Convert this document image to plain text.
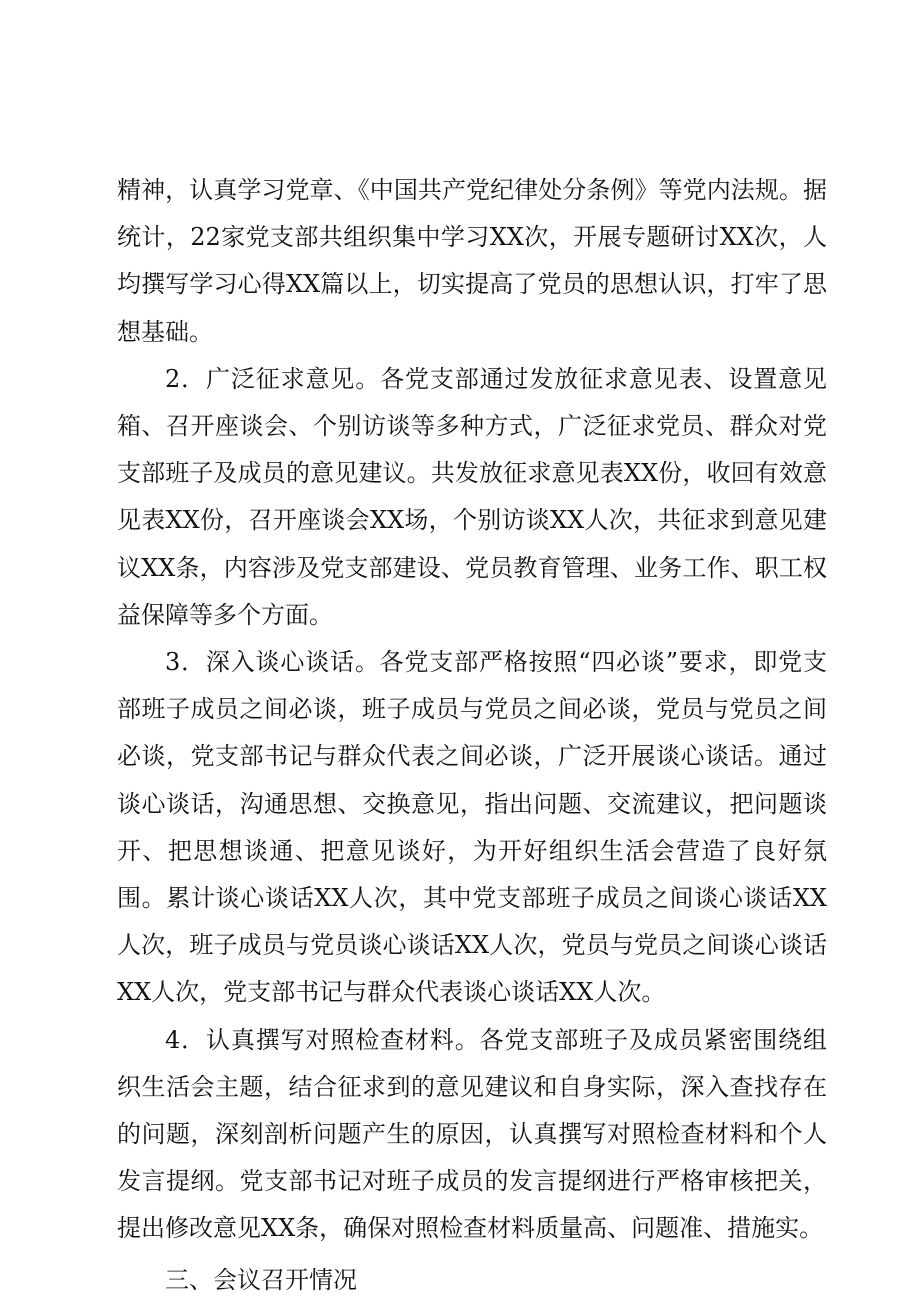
精神，认真学习党章、《中国共产党纪律处分条例》等党内法规。据统计，22家党支部共组织集中学习XX次，开展专题研讨XX次，人均撰写学习心得XX篇以上，切实提高了党员的思想认识，打牢了思想基础。

2．广泛征求意见。各党支部通过发放征求意见表、设置意见箱、召开座谈会、个别访谈等多种方式，广泛征求党员、群众对党支部班子及成员的意见建议。共发放征求意见表XX份，收回有效意见表XX份，召开座谈会XX场，个别访谈XX人次，共征求到意见建议XX条，内容涉及党支部建设、党员教育管理、业务工作、职工权益保障等多个方面。

3．深入谈心谈话。各党支部严格按照“四必谈”要求，即党支部班子成员之间必谈，班子成员与党员之间必谈，党员与党员之间必谈，党支部书记与群众代表之间必谈，广泛开展谈心谈话。通过谈心谈话，沟通思想、交换意见，指出问题、交流建议，把问题谈开、把思想谈通、把意见谈好，为开好组织生活会营造了良好氛围。累计谈心谈话XX人次，其中党支部班子成员之间谈心谈话XX人次，班子成员与党员谈心谈话XX人次，党员与党员之间谈心谈话XX人次，党支部书记与群众代表谈心谈话XX人次。

4．认真撰写对照检查材料。各党支部班子及成员紧密围绕组织生活会主题，结合征求到的意见建议和自身实际，深入查找存在的问题，深刻剖析问题产生的原因，认真撰写对照检查材料和个人发言提纲。党支部书记对班子成员的发言提纲进行严格审核把关，提出修改意见XX条，确保对照检查材料质量高、问题准、措施实。

三、会议召开情况
